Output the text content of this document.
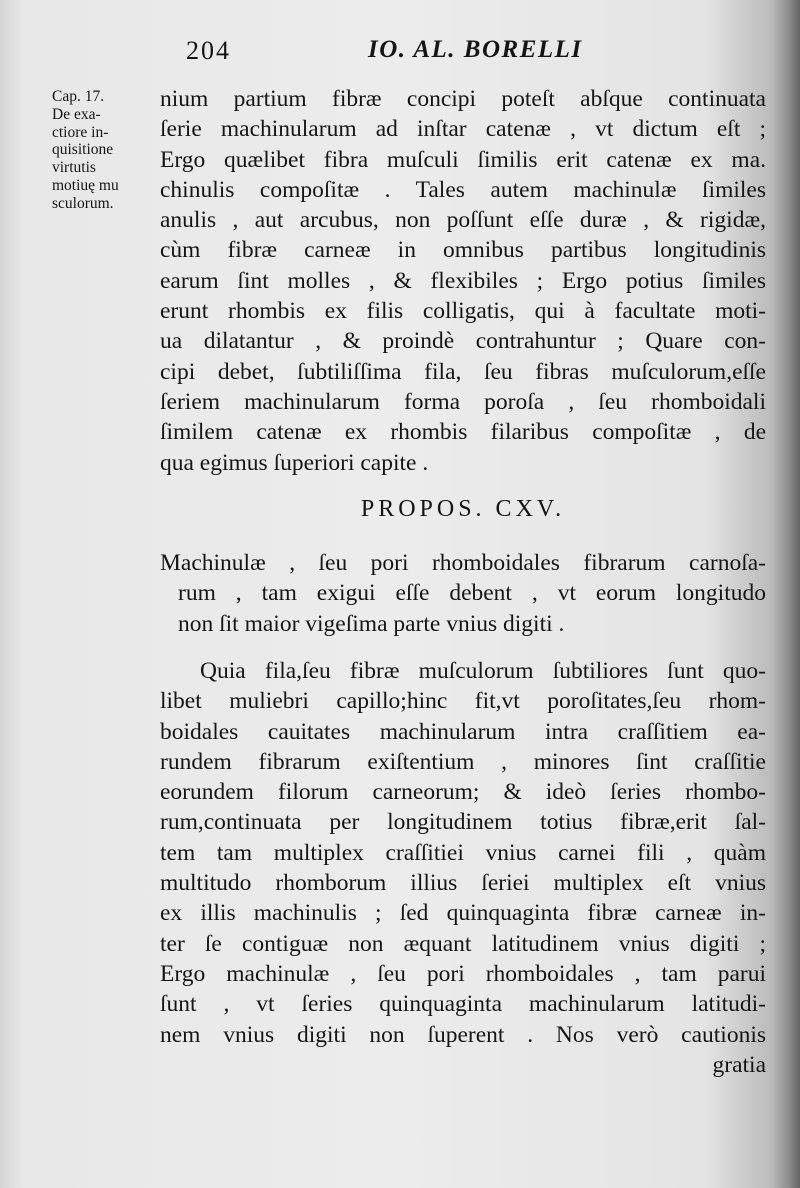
204	IO. AL. BORELLI
Cap. 17.
De exa-
ctiore in-
quisitione
virtutis
motiuę mu
sculorum.
nium partium fibræ concipi poteſt abſque continuata
ſerie machinularum ad inſtar catenæ , vt dictum eſt ;
Ergo quælibet fibra muſculi ſimilis erit catenæ ex ma.
chinulis compoſitæ . Tales autem machinulæ ſimiles
anulis , aut arcubus, non poſſunt eſſe duræ , & rigidæ,
cùm fibræ carneæ in omnibus partibus longitudinis
earum ſint molles , & flexibiles ; Ergo potius ſimiles
erunt rhombis ex filis colligatis, qui à facultate moti-
ua dilatantur , & proindè contrahuntur ; Quare con-
cipi debet, ſubtiliſſima fila, ſeu fibras muſculorum,eſſe
ſeriem machinularum forma poroſa , ſeu rhomboidali
ſimilem catenæ ex rhombis filaribus compoſitæ , de
qua egimus ſuperiori capite .
PROPOS. CXV.
Machinulæ , ſeu pori rhomboidales fibrarum carnoſa-
rum , tam exigui eſſe debent , vt eorum longitudo
non ſit maior vigeſima parte vnius digiti .
Quia fila,ſeu fibræ muſculorum ſubtiliores ſunt quo-
libet muliebri capillo;hinc fit,vt poroſitates,ſeu rhom-
boidales cauitates machinularum intra craſſitiem ea-
rundem fibrarum exiſtentium , minores ſint craſſitie
eorundem filorum carneorum; & ideò ſeries rhombo-
rum,continuata per longitudinem totius fibræ,erit ſal-
tem tam multiplex craſſitiei vnius carnei fili , quàm
multitudo rhomborum illius ſeriei multiplex eſt vnius
ex illis machinulis ; ſed quinquaginta fibræ carneæ in-
ter ſe contiguæ non æquant latitudinem vnius digiti ;
Ergo machinulæ , ſeu pori rhomboidales , tam parui
ſunt , vt ſeries quinquaginta machinularum latitudi-
nem vnius digiti non ſuperent . Nos verò cautionis
gratia
